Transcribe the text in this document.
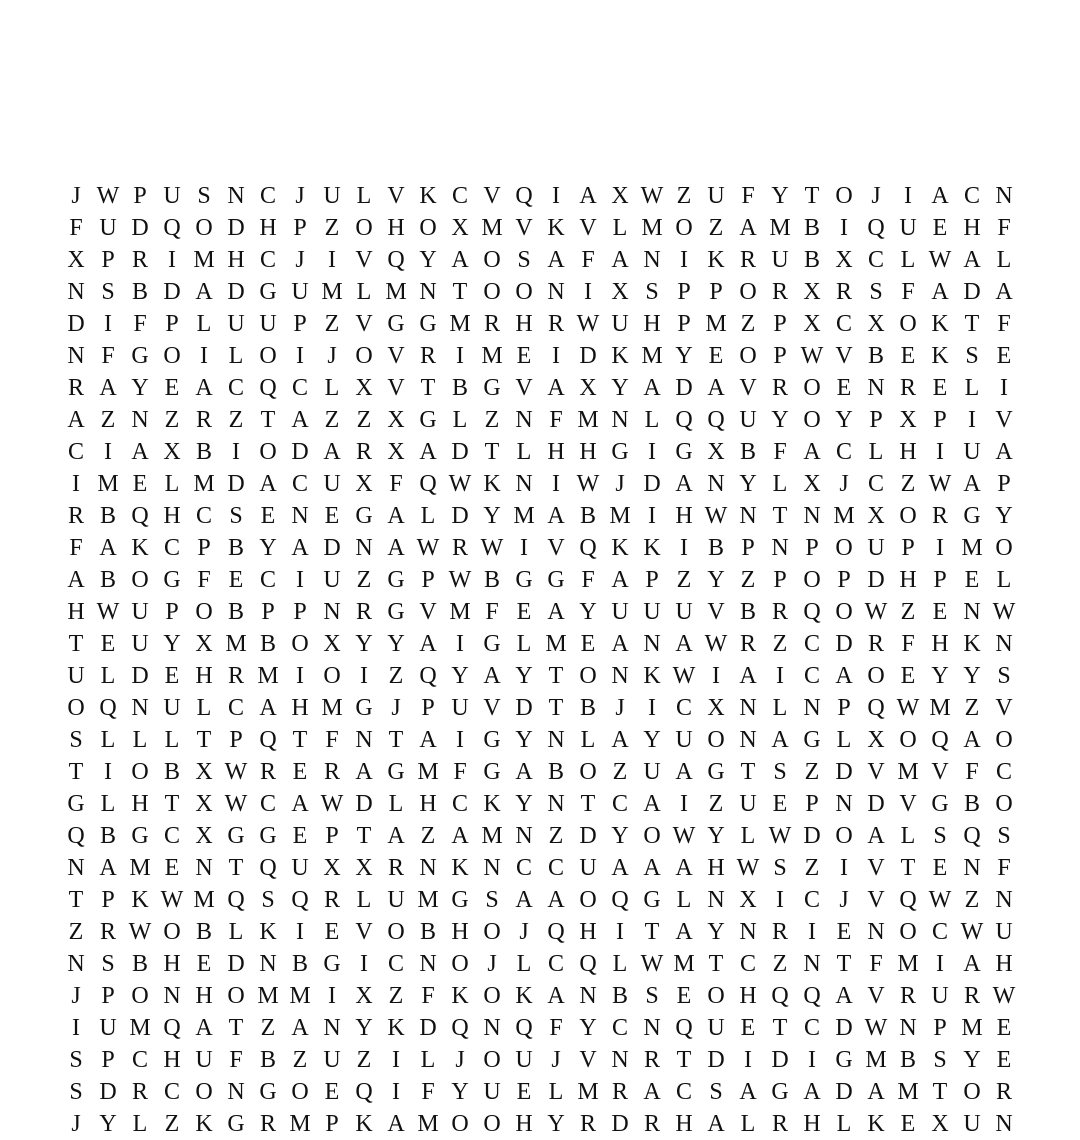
J W P U S N C J U L V K C V Q I A X W Z U F Y T O J I A C N
F U D Q O D H P Z O H O X M V K V L M O Z A M B I Q U E H F
X P R I M H C J I V Q Y A O S A F A N I K R U B X C L W A L
N S B D A D G U M L M N T O O N I X S P P O R X R S F A D A
D I F P L U U P Z V G G M R H R W U H P M Z P X C X O K T F
N F G O I L O I J O V R I M E I D K M Y E O P W V B E K S E
R A Y E A C Q C L X V T B G V A X Y A D A V R O E N R E L I
A Z N Z R Z T A Z Z X G L Z N F M N L Q Q U Y O Y P X P I V
C I A X B I O D A R X A D T L H H G I G X B F A C L H I U A
I M E L M D A C U X F Q W K N I W J D A N Y L X J C Z W A P
R B Q H C S E N E G A L D Y M A B M I H W N T N M X O R G Y
F A K C P B Y A D N A W R W I V Q K K I B P N P O U P I M O
A B O G F E C I U Z G P W B G G F A P Z Y Z P O P D H P E L
H W U P O B P P N R G V M F E A Y U U U V B R Q O W Z E N W
T E U Y X M B O X Y Y A I G L M E A N A W R Z C D R F H K N
U L D E H R M I O I Z Q Y A Y T O N K W I A I C A O E Y Y S
O Q N U L C A H M G J P U V D T B J I C X N L N P Q W M Z V
S L L L T P Q T F N T A I G Y N L A Y U O N A G L X O Q A O
T I O B X W R E R A G M F G A B O Z U A G T S Z D V M V F C
G L H T X W C A W D L H C K Y N T C A I Z U E P N D V G B O
Q B G C X G G E P T A Z A M N Z D Y O W Y L W D O A L S Q S
N A M E N T Q U X X R N K N C C U A A A H W S Z I V T E N F
T P K W M Q S Q R L U M G S A A O Q G L N X I C J V Q W Z N
Z R W O B L K I E V O B H O J Q H I T A Y N R I E N O C W U
N S B H E D N B G I C N O J L C Q L W M T C Z N T F M I A H
J P O N H O M M I X Z F K O K A N B S E O H Q Q A V R U R W
I U M Q A T Z A N Y K D Q N Q F Y C N Q U E T C D W N P M E
S P C H U F B Z U Z I L J O U J V N R T D I D I G M B S Y E
S D R C O N G O E Q I F Y U E L M R A C S A G A D A M T O R
J Y L Z K G R M P K A M O O H Y R D R H A L R H L K E X U N
